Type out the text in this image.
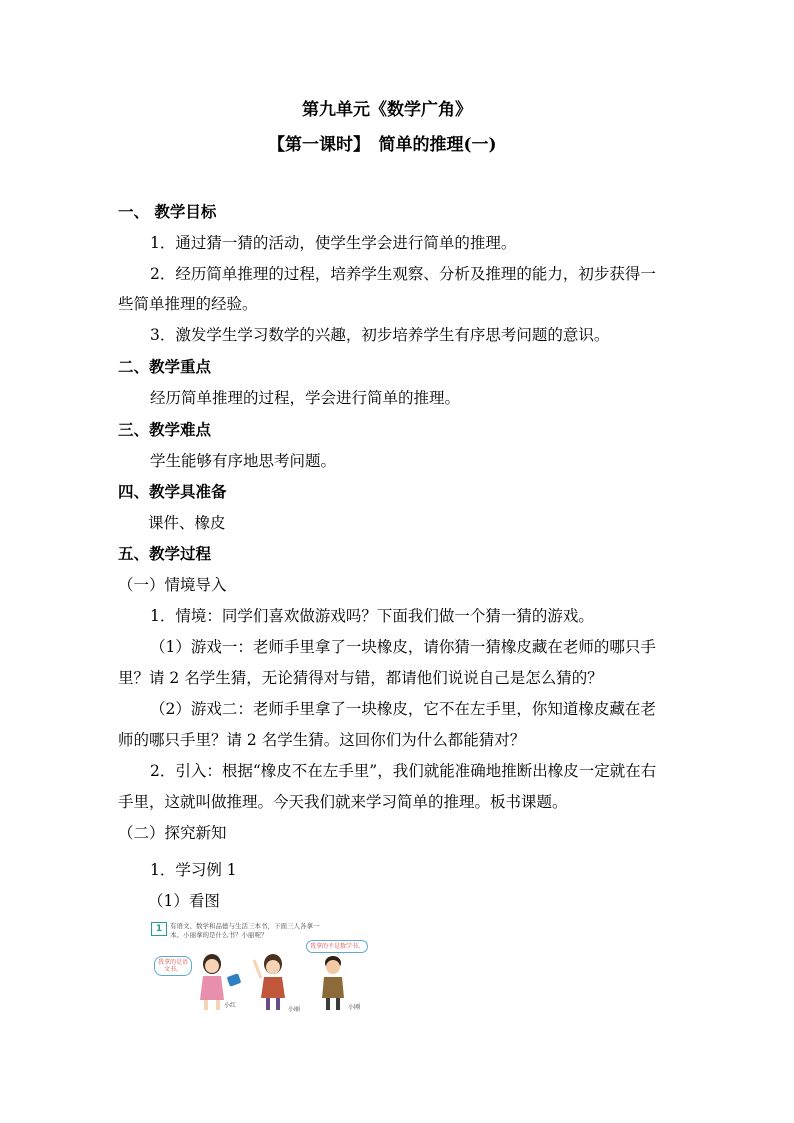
第九单元《数学广角》
【第一课时】　简单的推理(一)
一、 教学目标
1．通过猜一猜的活动，使学生学会进行简单的推理。
2．经历简单推理的过程，培养学生观察、分析及推理的能力，初步获得一
些简单推理的经验。
3．激发学生学习数学的兴趣，初步培养学生有序思考问题的意识。
二、教学重点
经历简单推理的过程，学会进行简单的推理。
三、教学难点
学生能够有序地思考问题。
四、教学具准备
课件、橡皮
五、教学过程
（一）情境导入
1．情境：同学们喜欢做游戏吗？下面我们做一个猜一猜的游戏。
（1）游戏一：老师手里拿了一块橡皮，请你猜一猜橡皮藏在老师的哪只手
里？请 2 名学生猜，无论猜得对与错，都请他们说说自己是怎么猜的？
（2）游戏二：老师手里拿了一块橡皮，它不在左手里，你知道橡皮藏在老
师的哪只手里？请 2 名学生猜。这回你们为什么都能猜对？
2．引入：根据“橡皮不在左手里”，我们就能准确地推断出橡皮一定就在右
手里，这就叫做推理。今天我们就来学习简单的推理。板书课题。
（二）探究新知
1．学习例 1
（1）看图
1	有语文、数学和品德与生活三本书，下面三人各拿一
本。小丽拿的是什么书？小丽呢？
我拿的是语文书。
我拿的不是数学书。
小红
小丽	小刚
